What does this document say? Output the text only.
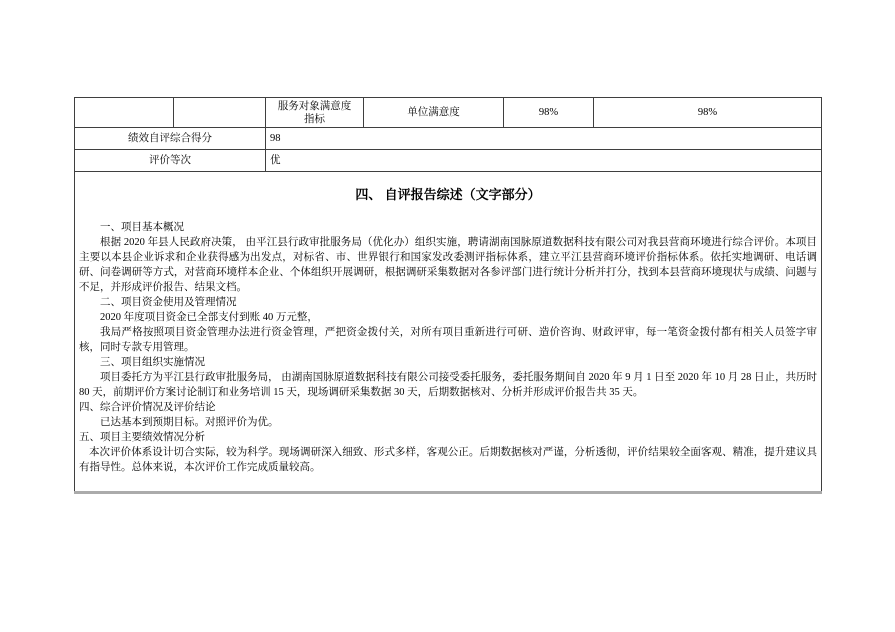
		服务对象满意度指标	单位满意度	98%	98%
绩效自评综合得分		98			
评价等次		优			

四、 自评报告综述（文字部分）
一、项目基本概况
根据 2020 年县人民政府决策， 由平江县行政审批服务局（优化办）组织实施，聘请湖南国脉原道数据科技有限公司对我县营商环境进行综合评价。本项目主要以本县企业诉求和企业获得感为出发点，对标省、市、世界银行和国家发改委测评指标体系，建立平江县营商环境评价指标体系。依托实地调研、电话调研、问卷调研等方式，对营商环境样本企业、个体组织开展调研，根据调研采集数据对各参评部门进行统计分析并打分，找到本县营商环境现状与成绩、问题与不足，并形成评价报告、结果文档。
二、项目资金使用及管理情况
2020 年度项目资金已全部支付到账 40 万元整，
我局严格按照项目资金管理办法进行资金管理，严把资金拨付关，对所有项目重新进行可研、造价咨询、财政评审，每一笔资金拨付都有相关人员签字审核，同时专款专用管理。
三、项目组织实施情况
项目委托方为平江县行政审批服务局， 由湖南国脉原道数据科技有限公司接受委托服务，委托服务期间自 2020 年 9 月 1 日至 2020 年 10 月 28 日止，共历时 80 天，前期评价方案讨论制订和业务培训 15 天，现场调研采集数据 30 天，后期数据核对、分析并形成评价报告共 35 天。
四、综合评价情况及评价结论
已达基本到预期目标。对照评价为优。
五、项目主要绩效情况分析
本次评价体系设计切合实际，较为科学。现场调研深入细致、形式多样，客观公正。后期数据核对严谨，分析透彻，评价结果较全面客观、精准，提升建议具有指导性。总体来说，本次评价工作完成质量较高。
